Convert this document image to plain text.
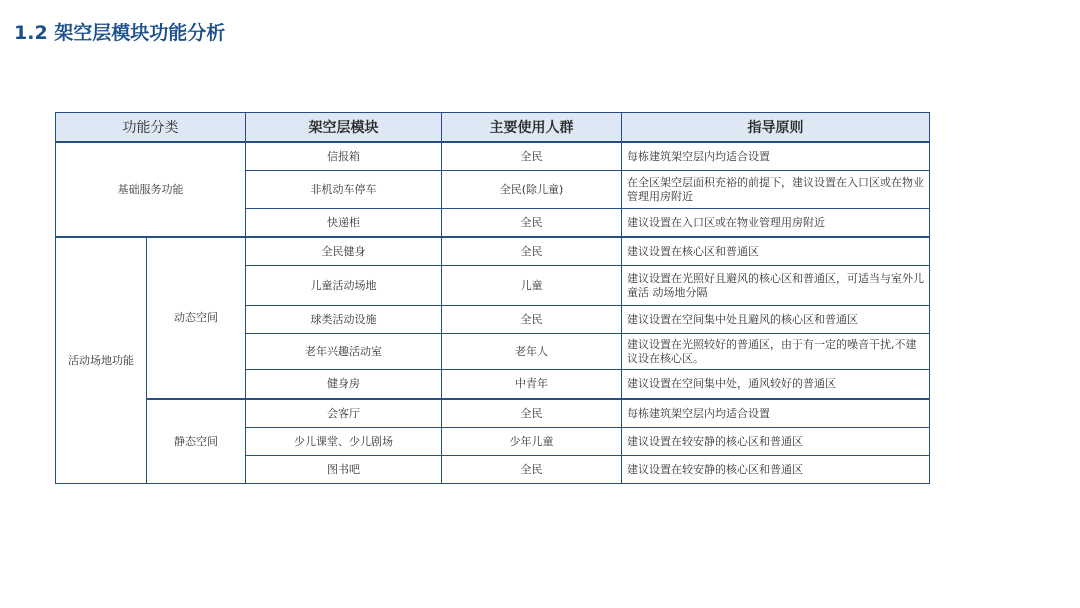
1.2 架空层模块功能分析
功能分类		架空层模块	主要使用人群	指导原则
基础服务功能		信报箱	全民	每栋建筑架空层内均适合设置
		非机动车停车	全民(除儿童)	在全区架空层面积充裕的前提下，建议设置在入口区或在物业管理用房附近
		快递柜	全民	建议设置在入口区或在物业管理用房附近
活动场地功能	动态空间	全民健身	全民	建议设置在核心区和普通区
		儿童活动场地	儿童	建议设置在光照好且避风的核心区和普通区，可适当与室外儿童活 动场地分隔
		球类活动设施	全民	建议设置在空间集中处且避风的核心区和普通区
		老年兴趣活动室	老年人	建议设置在光照较好的普通区，由于有一定的噪音干扰,不建议设在核心区。
		健身房	中青年	建议设置在空间集中处，通风较好的普通区
	静态空间	会客厅	全民	每栋建筑架空层内均适合设置
		少儿课堂、少儿剧场	少年儿童	建议设置在较安静的核心区和普通区
		图书吧	全民	建议设置在较安静的核心区和普通区
